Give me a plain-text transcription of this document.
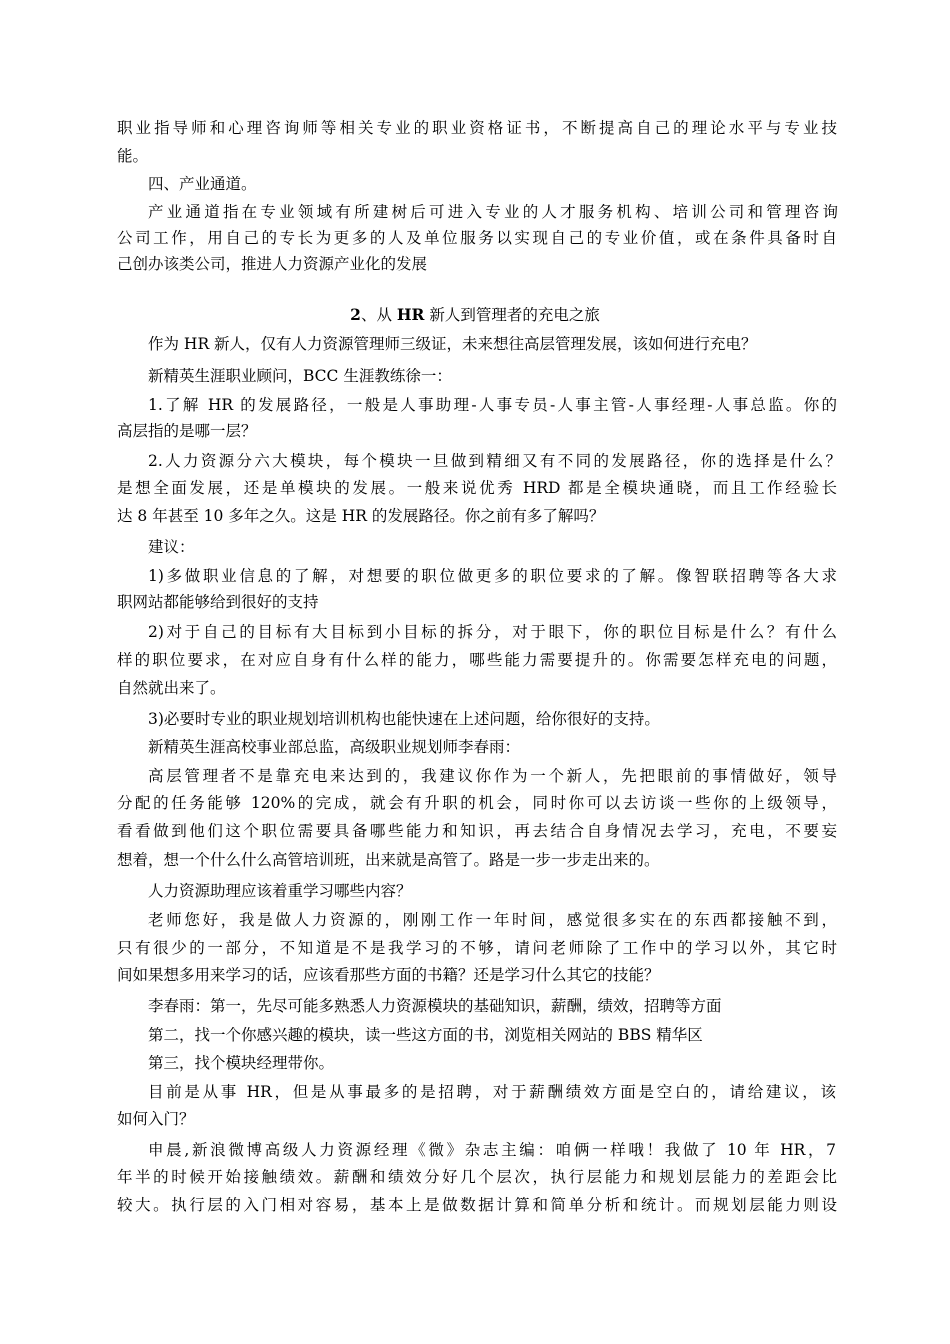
职业指导师和心理咨询师等相关专业的职业资格证书，不断提高自己的理论水平与专业技
能。
四、产业通道。
产业通道指在专业领域有所建树后可进入专业的人才服务机构、培训公司和管理咨询
公司工作，用自己的专长为更多的人及单位服务以实现自己的专业价值，或在条件具备时自
己创办该类公司，推进人力资源产业化的发展
2、从 HR 新人到管理者的充电之旅
作为 HR 新人，仅有人力资源管理师三级证，未来想往高层管理发展，该如何进行充电？
新精英生涯职业顾问，BCC 生涯教练徐一：
1.了解 HR 的发展路径，一般是人事助理-人事专员-人事主管-人事经理-人事总监。你的
高层指的是哪一层？
2.人力资源分六大模块，每个模块一旦做到精细又有不同的发展路径，你的选择是什么？
是想全面发展，还是单模块的发展。一般来说优秀 HRD 都是全模块通晓，而且工作经验长
达 8 年甚至 10 多年之久。这是 HR 的发展路径。你之前有多了解吗？
建议：
1)多做职业信息的了解，对想要的职位做更多的职位要求的了解。像智联招聘等各大求
职网站都能够给到很好的支持
2)对于自己的目标有大目标到小目标的拆分，对于眼下，你的职位目标是什么？有什么
样的职位要求，在对应自身有什么样的能力，哪些能力需要提升的。你需要怎样充电的问题，
自然就出来了。
3)必要时专业的职业规划培训机构也能快速在上述问题，给你很好的支持。
新精英生涯高校事业部总监，高级职业规划师李春雨：
高层管理者不是靠充电来达到的，我建议你作为一个新人，先把眼前的事情做好，领导
分配的任务能够 120%的完成，就会有升职的机会，同时你可以去访谈一些你的上级领导，
看看做到他们这个职位需要具备哪些能力和知识，再去结合自身情况去学习，充电，不要妄
想着，想一个什么什么高管培训班，出来就是高管了。路是一步一步走出来的。
人力资源助理应该着重学习哪些内容？
老师您好，我是做人力资源的，刚刚工作一年时间，感觉很多实在的东西都接触不到，
只有很少的一部分，不知道是不是我学习的不够，请问老师除了工作中的学习以外，其它时
间如果想多用来学习的话，应该看那些方面的书籍？还是学习什么其它的技能？
李春雨：第一，先尽可能多熟悉人力资源模块的基础知识，薪酬，绩效，招聘等方面
第二，找一个你感兴趣的模块，读一些这方面的书，浏览相关网站的 BBS 精华区
第三，找个模块经理带你。
目前是从事 HR，但是从事最多的是招聘，对于薪酬绩效方面是空白的，请给建议，该
如何入门？
申晨,新浪微博高级人力资源经理《微》杂志主编：咱俩一样哦！我做了 10 年 HR，7
年半的时候开始接触绩效。薪酬和绩效分好几个层次，执行层能力和规划层能力的差距会比
较大。执行层的入门相对容易，基本上是做数据计算和简单分析和统计。而规划层能力则设
